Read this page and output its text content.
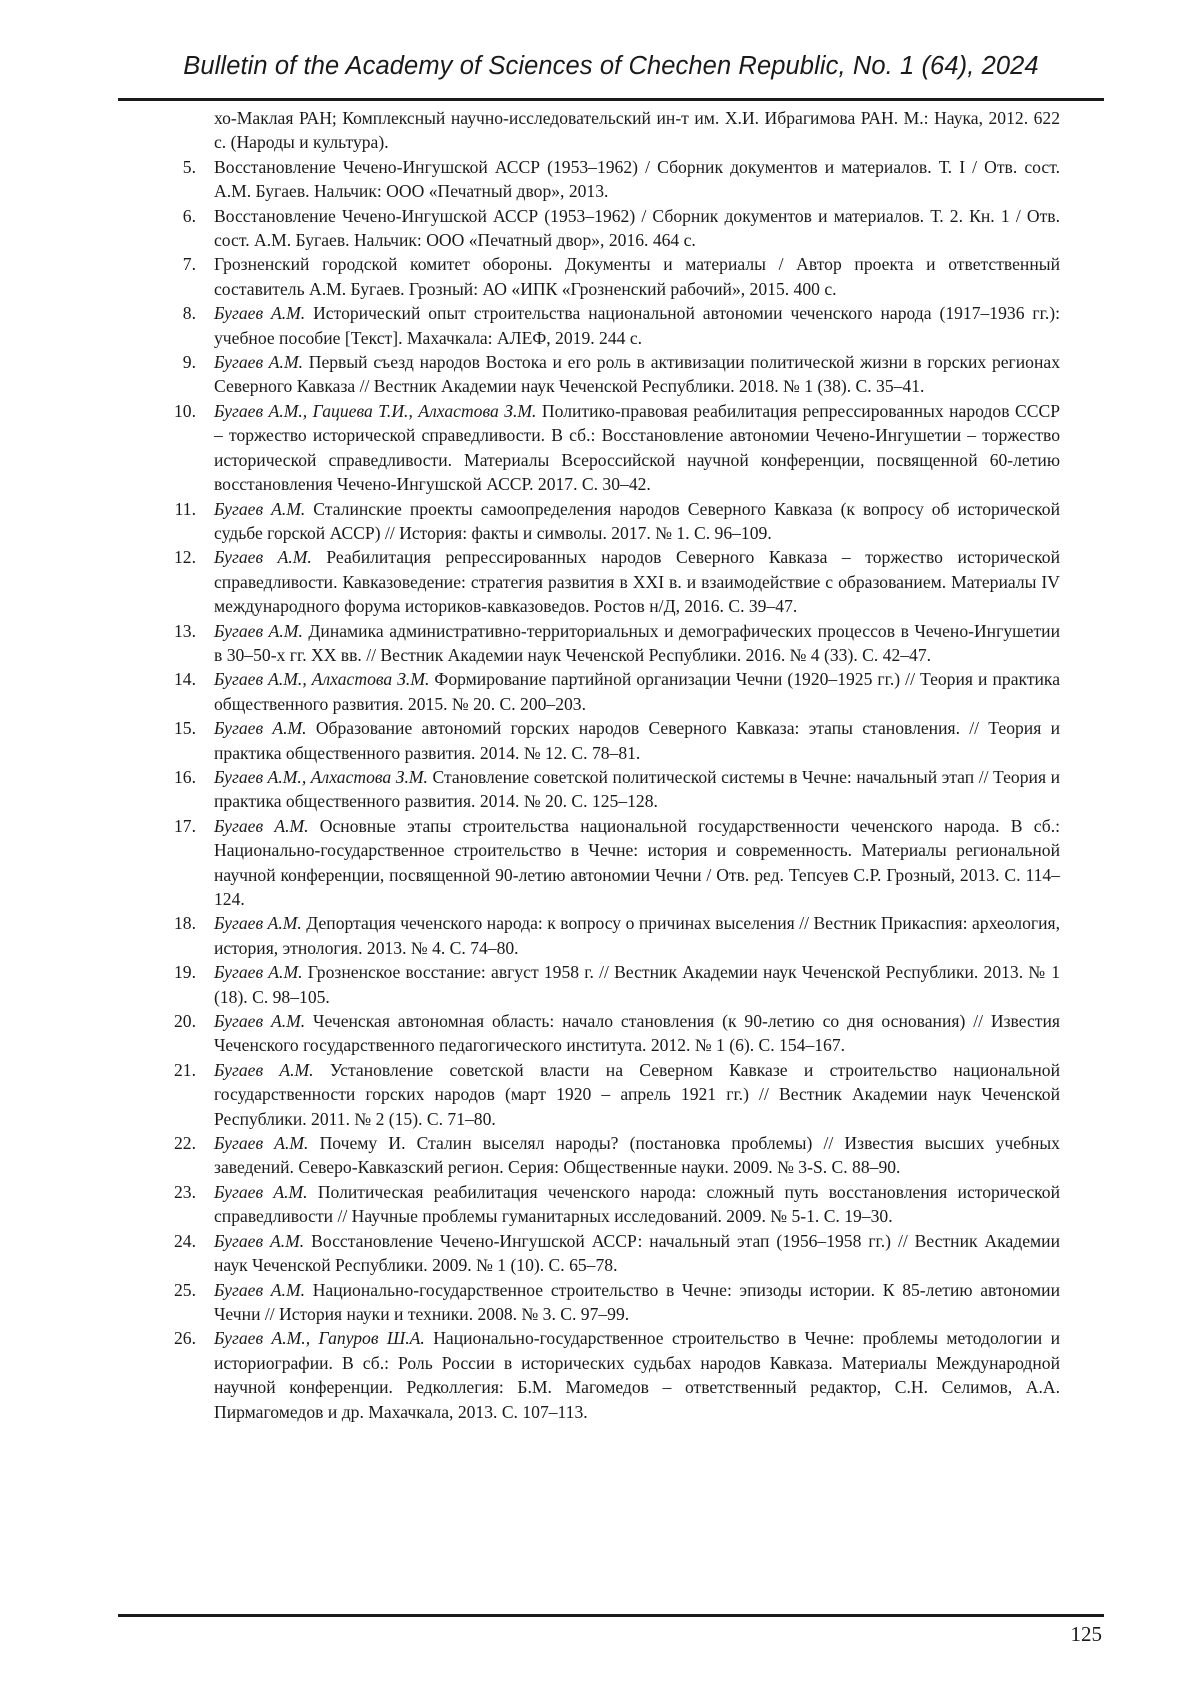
Bulletin of the Academy of Sciences of Chechen Republic, No. 1 (64), 2024
хо-Маклая РАН; Комплексный научно-исследовательский ин-т им. Х.И. Ибрагимова РАН. М.: Наука, 2012. 622 с. (Народы и культура).
5.	Восстановление Чечено-Ингушской АССР (1953–1962) / Сборник документов и материалов. Т. I / Отв. сост. А.М. Бугаев. Нальчик: ООО «Печатный двор», 2013.
6.	Восстановление Чечено-Ингушской АССР (1953–1962) / Сборник документов и материалов. Т. 2. Кн. 1 / Отв. сост. А.М. Бугаев. Нальчик: ООО «Печатный двор», 2016. 464 с.
7.	Грозненский городской комитет обороны. Документы и материалы / Автор проекта и ответственный составитель А.М. Бугаев. Грозный: АО «ИПК «Грозненский рабочий», 2015. 400 с.
8.	Бугаев А.М. Исторический опыт строительства национальной автономии чеченского народа (1917–1936 гг.): учебное пособие [Текст]. Махачкала: АЛЕФ, 2019. 244 с.
9.	Бугаев А.М. Первый съезд народов Востока и его роль в активизации политической жизни в горских регионах Северного Кавказа // Вестник Академии наук Чеченской Республики. 2018. № 1 (38). С. 35–41.
10.	Бугаев А.М., Гациева Т.И., Алхастова З.М. Политико-правовая реабилитация репрессированных народов СССР – торжество исторической справедливости. В сб.: Восстановление автономии Чечено-Ингушетии – торжество исторической справедливости. Материалы Всероссийской научной конференции, посвященной 60-летию восстановления Чечено-Ингушской АССР. 2017. С. 30–42.
11.	Бугаев А.М. Сталинские проекты самоопределения народов Северного Кавказа (к вопросу об исторической судьбе горской АССР) // История: факты и символы. 2017. № 1. С. 96–109.
12.	Бугаев А.М. Реабилитация репрессированных народов Северного Кавказа – торжество исторической справедливости. Кавказоведение: стратегия развития в XXI в. и взаимодействие с образованием. Материалы IV международного форума историков-кавказоведов. Ростов н/Д, 2016. С. 39–47.
13.	Бугаев А.М. Динамика административно-территориальных и демографических процессов в Чечено-Ингушетии в 30–50-х гг. ХХ вв. // Вестник Академии наук Чеченской Республики. 2016. № 4 (33). С. 42–47.
14.	Бугаев А.М., Алхастова З.М. Формирование партийной организации Чечни (1920–1925 гг.) // Теория и практика общественного развития. 2015. № 20. С. 200–203.
15.	Бугаев А.М. Образование автономий горских народов Северного Кавказа: этапы становления. // Теория и практика общественного развития. 2014. № 12. С. 78–81.
16.	Бугаев А.М., Алхастова З.М. Становление советской политической системы в Чечне: начальный этап // Теория и практика общественного развития. 2014. № 20. С. 125–128.
17.	Бугаев А.М. Основные этапы строительства национальной государственности чеченского народа. В сб.: Национально-государственное строительство в Чечне: история и современность. Материалы региональной научной конференции, посвященной 90-летию автономии Чечни / Отв. ред. Тепсуев С.Р. Грозный, 2013. С. 114–124.
18.	Бугаев А.М. Депортация чеченского народа: к вопросу о причинах выселения // Вестник Прикаспия: археология, история, этнология. 2013. № 4. С. 74–80.
19.	Бугаев А.М. Грозненское восстание: август 1958 г. // Вестник Академии наук Чеченской Республики. 2013. № 1 (18). С. 98–105.
20.	Бугаев А.М. Чеченская автономная область: начало становления (к 90-летию со дня основания) // Известия Чеченского государственного педагогического института. 2012. № 1 (6). С. 154–167.
21.	Бугаев А.М. Установление советской власти на Северном Кавказе и строительство национальной государственности горских народов (март 1920 – апрель 1921 гг.) // Вестник Академии наук Чеченской Республики. 2011. № 2 (15). С. 71–80.
22.	Бугаев А.М. Почему И. Сталин выселял народы? (постановка проблемы) // Известия высших учебных заведений. Северо-Кавказский регион. Серия: Общественные науки. 2009. № 3-S. С. 88–90.
23.	Бугаев А.М. Политическая реабилитация чеченского народа: сложный путь восстановления исторической справедливости // Научные проблемы гуманитарных исследований. 2009. № 5-1. С. 19–30.
24.	Бугаев А.М. Восстановление Чечено-Ингушской АССР: начальный этап (1956–1958 гг.) // Вестник Академии наук Чеченской Республики. 2009. № 1 (10). С. 65–78.
25.	Бугаев А.М. Национально-государственное строительство в Чечне: эпизоды истории. К 85-летию автономии Чечни // История науки и техники. 2008. № 3. С. 97–99.
26.	Бугаев А.М., Гапуров Ш.А. Национально-государственное строительство в Чечне: проблемы методологии и историографии. В сб.: Роль России в исторических судьбах народов Кавказа. Материалы Международной научной конференции. Редколлегия: Б.М. Магомедов – ответственный редактор, С.Н. Селимов, А.А. Пирмагомедов и др. Махачкала, 2013. С. 107–113.
125
